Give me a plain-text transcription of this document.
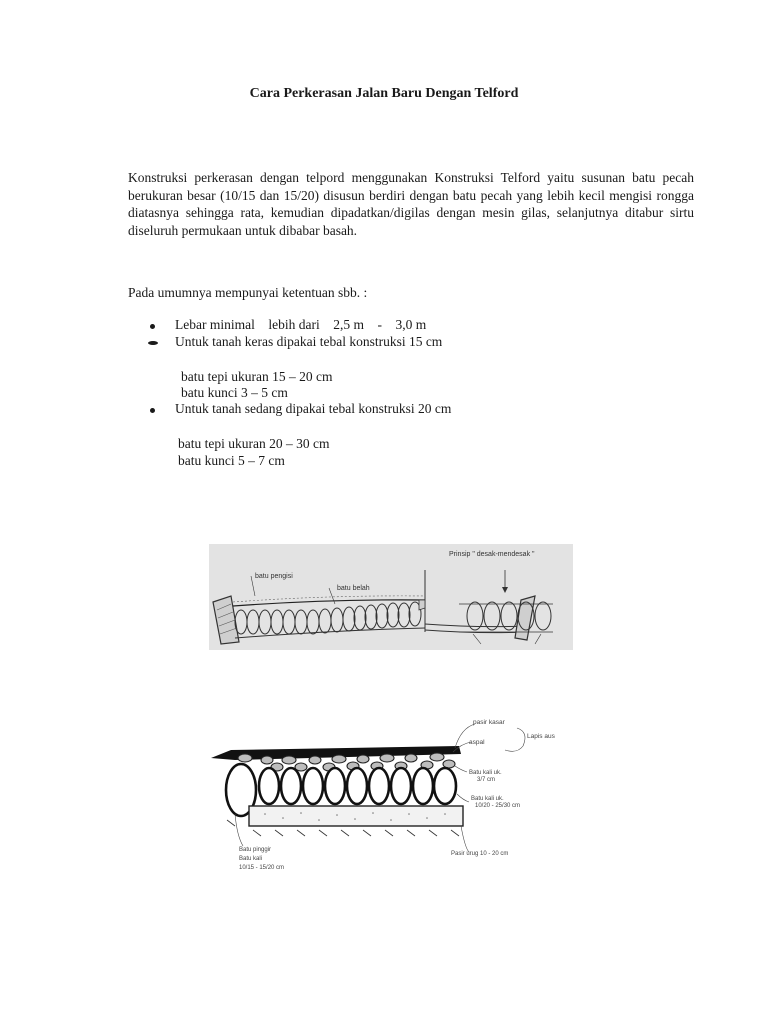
Cara Perkerasan Jalan Baru Dengan Telford
Konstruksi perkerasan dengan telpord menggunakan Konstruksi Telford yaitu susunan batu pecah berukuran besar (10/15 dan 15/20) disusun berdiri dengan batu pecah yang lebih kecil mengisi rongga diatasnya sehingga rata, kemudian dipadatkan/digilas dengan mesin gilas, selanjutnya ditabur sirtu diseluruh permukaan untuk dibabar basah.
Pada umumnya mempunyai ketentuan sbb. :
Lebar minimal    lebih dari    2,5 m    -    3,0 m
Untuk tanah keras dipakai tebal konstruksi 15 cm
batu tepi ukuran 15 – 20 cm
batu kunci 3 – 5 cm
Untuk tanah sedang dipakai tebal konstruksi 20 cm
batu tepi ukuran 20 – 30 cm
batu kunci 5 – 7 cm
batu pengisi
batu belah
Prinsip " desak-mendesak "
pasir kasar
aspal
Lapis aus
Batu kali uk.
3/7 cm
Batu kali uk.
10/20 - 25/30 cm
Pasir urug 10 - 20 cm
Batu pinggir
Batu kali
10/15 - 15/20 cm
